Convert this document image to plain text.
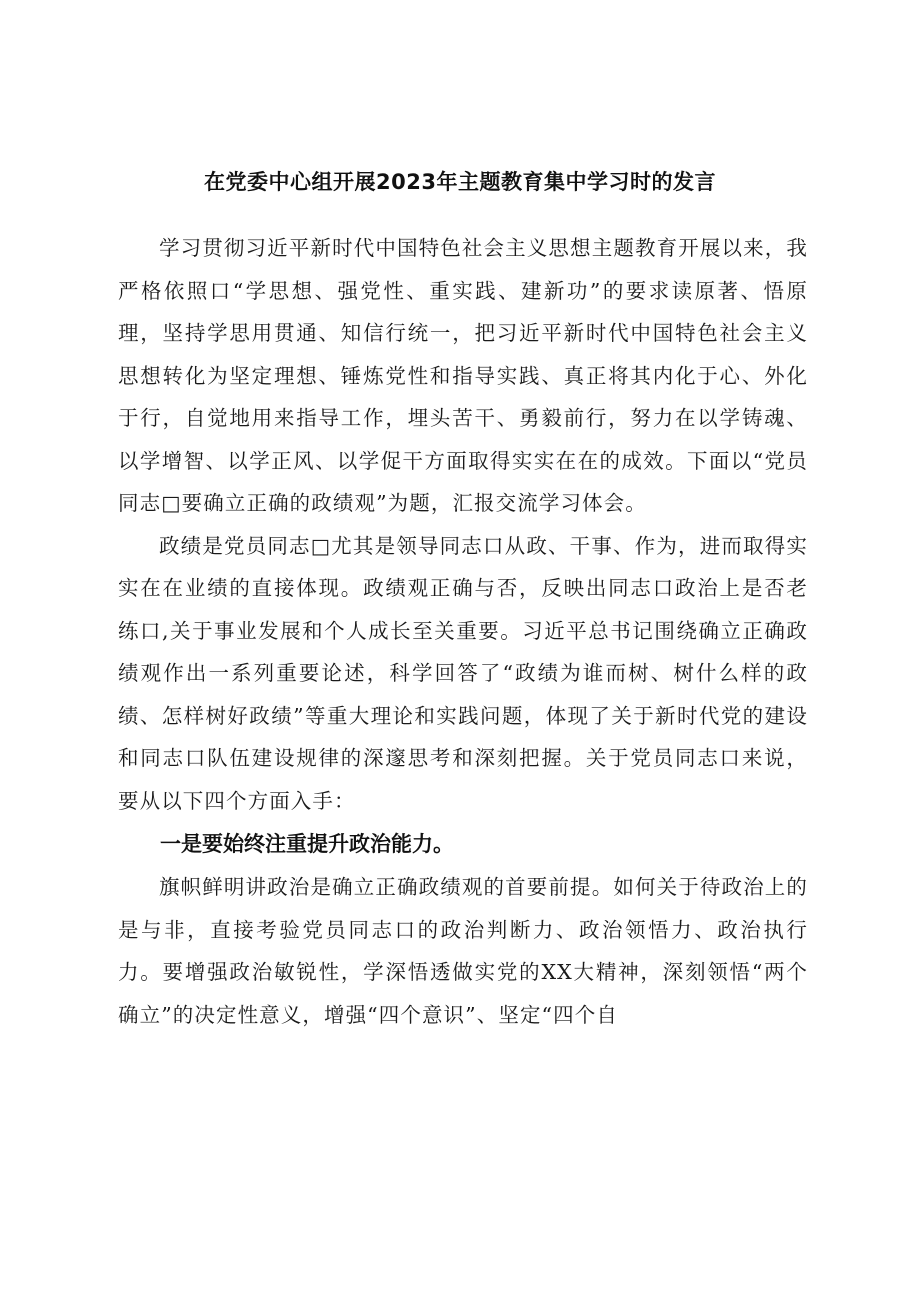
在党委中心组开展2023年主题教育集中学习时的发言

学习贯彻习近平新时代中国特色社会主义思想主题教育开展以来，我严格依照口“学思想、强党性、重实践、建新功”的要求读原著、悟原理，坚持学思用贯通、知信行统一，把习近平新时代中国特色社会主义思想转化为坚定理想、锤炼党性和指导实践、真正将其内化于心、外化于行，自觉地用来指导工作，埋头苦干、勇毅前行，努力在以学铸魂、以学增智、以学正风、以学促干方面取得实实在在的成效。下面以“党员同志□要确立正确的政绩观”为题，汇报交流学习体会。

政绩是党员同志□尤其是领导同志口从政、干事、作为，进而取得实实在在业绩的直接体现。政绩观正确与否，反映出同志口政治上是否老练口,关于事业发展和个人成长至关重要。习近平总书记围绕确立正确政绩观作出一系列重要论述，科学回答了“政绩为谁而树、树什么样的政绩、怎样树好政绩”等重大理论和实践问题，体现了关于新时代党的建设和同志口队伍建设规律的深邃思考和深刻把握。关于党员同志口来说，要从以下四个方面入手：

一是要始终注重提升政治能力。

旗帜鲜明讲政治是确立正确政绩观的首要前提。如何关于待政治上的是与非，直接考验党员同志口的政治判断力、政治领悟力、政治执行力。要增强政治敏锐性，学深悟透做实党的XX大精神，深刻领悟“两个确立”的决定性意义，增强“四个意识”、坚定“四个自
